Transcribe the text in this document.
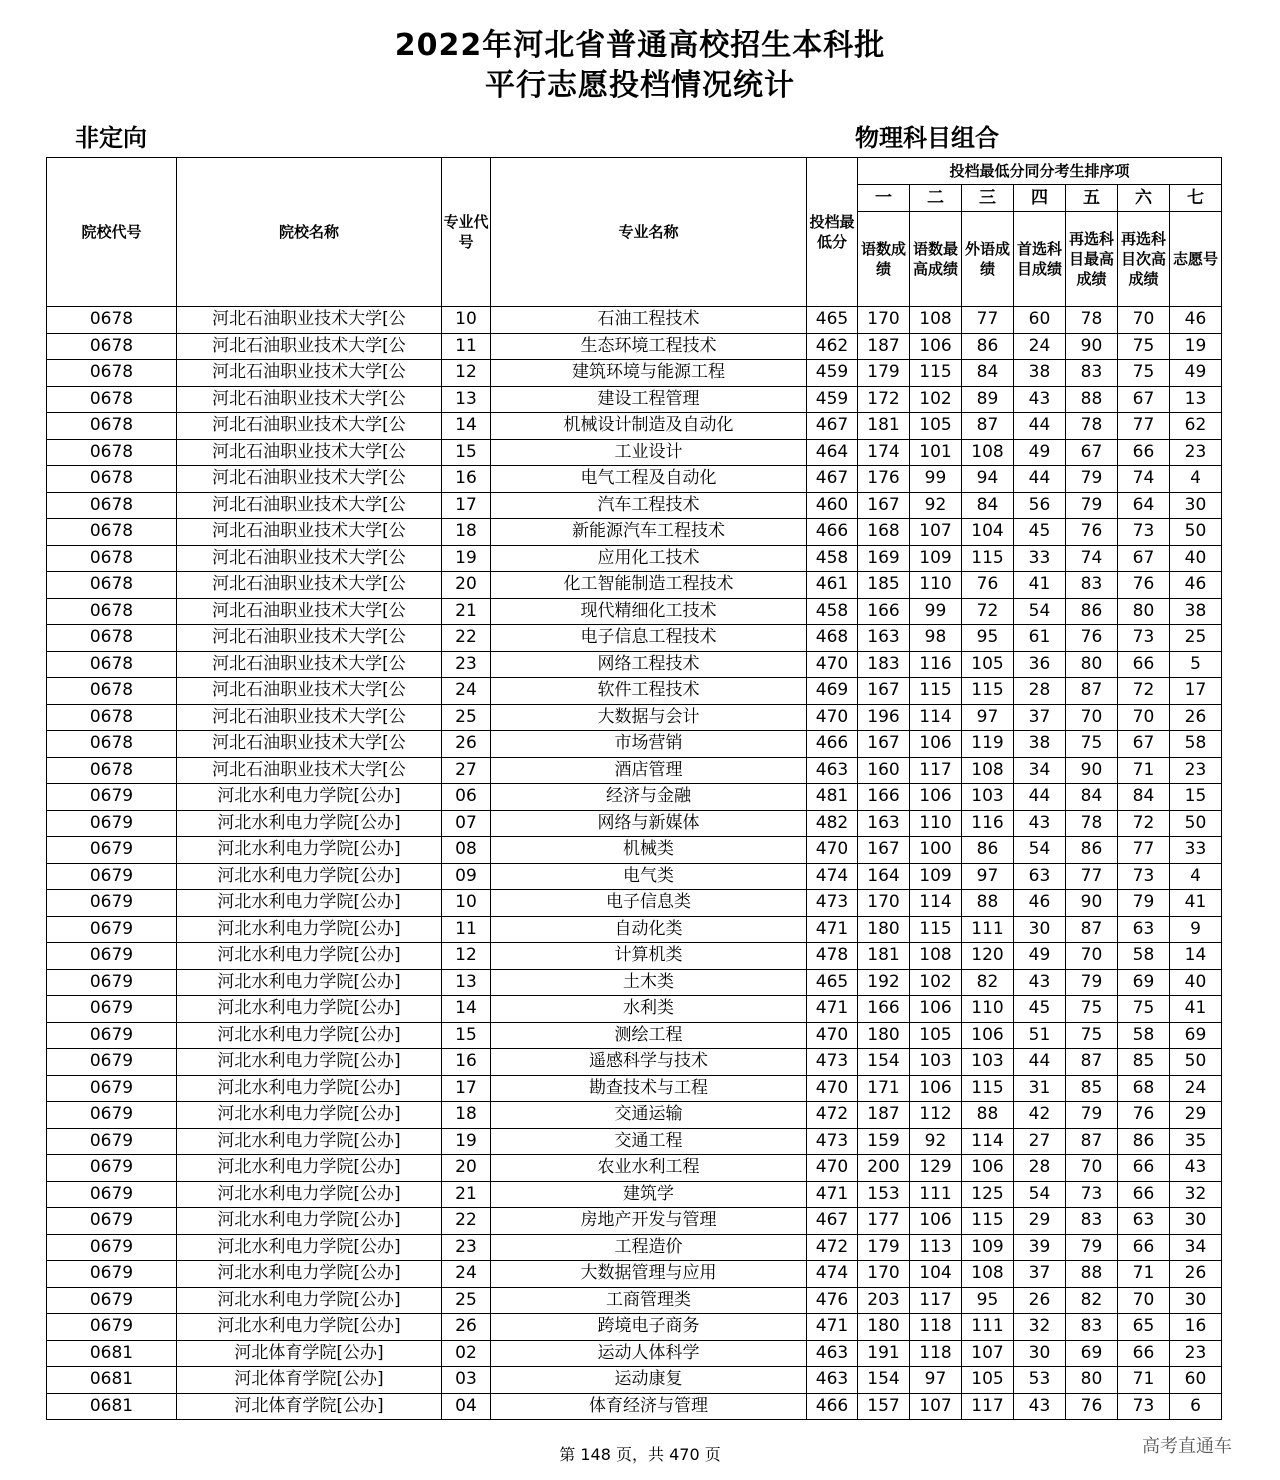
2022年河北省普通高校招生本科批
平行志愿投档情况统计
非定向	物理科目组合
院校代号	院校名称	专业代号	专业名称	投档最低分	投档最低分同分考生排序项						
					一	二	三	四	五	六	七
					语数成绩	语数最高成绩	外语成绩	首选科目成绩	再选科目最高成绩	再选科目次高成绩	志愿号
0678	河北石油职业技术大学[公	10	石油工程技术	465	170	108	77	60	78	70	46
0678	河北石油职业技术大学[公	11	生态环境工程技术	462	187	106	86	24	90	75	19
0678	河北石油职业技术大学[公	12	建筑环境与能源工程	459	179	115	84	38	83	75	49
0678	河北石油职业技术大学[公	13	建设工程管理	459	172	102	89	43	88	67	13
0678	河北石油职业技术大学[公	14	机械设计制造及自动化	467	181	105	87	44	78	77	62
0678	河北石油职业技术大学[公	15	工业设计	464	174	101	108	49	67	66	23
0678	河北石油职业技术大学[公	16	电气工程及自动化	467	176	99	94	44	79	74	4
0678	河北石油职业技术大学[公	17	汽车工程技术	460	167	92	84	56	79	64	30
0678	河北石油职业技术大学[公	18	新能源汽车工程技术	466	168	107	104	45	76	73	50
0678	河北石油职业技术大学[公	19	应用化工技术	458	169	109	115	33	74	67	40
0678	河北石油职业技术大学[公	20	化工智能制造工程技术	461	185	110	76	41	83	76	46
0678	河北石油职业技术大学[公	21	现代精细化工技术	458	166	99	72	54	86	80	38
0678	河北石油职业技术大学[公	22	电子信息工程技术	468	163	98	95	61	76	73	25
0678	河北石油职业技术大学[公	23	网络工程技术	470	183	116	105	36	80	66	5
0678	河北石油职业技术大学[公	24	软件工程技术	469	167	115	115	28	87	72	17
0678	河北石油职业技术大学[公	25	大数据与会计	470	196	114	97	37	70	70	26
0678	河北石油职业技术大学[公	26	市场营销	466	167	106	119	38	75	67	58
0678	河北石油职业技术大学[公	27	酒店管理	463	160	117	108	34	90	71	23
0679	河北水利电力学院[公办]	06	经济与金融	481	166	106	103	44	84	84	15
0679	河北水利电力学院[公办]	07	网络与新媒体	482	163	110	116	43	78	72	50
0679	河北水利电力学院[公办]	08	机械类	470	167	100	86	54	86	77	33
0679	河北水利电力学院[公办]	09	电气类	474	164	109	97	63	77	73	4
0679	河北水利电力学院[公办]	10	电子信息类	473	170	114	88	46	90	79	41
0679	河北水利电力学院[公办]	11	自动化类	471	180	115	111	30	87	63	9
0679	河北水利电力学院[公办]	12	计算机类	478	181	108	120	49	70	58	14
0679	河北水利电力学院[公办]	13	土木类	465	192	102	82	43	79	69	40
0679	河北水利电力学院[公办]	14	水利类	471	166	106	110	45	75	75	41
0679	河北水利电力学院[公办]	15	测绘工程	470	180	105	106	51	75	58	69
0679	河北水利电力学院[公办]	16	遥感科学与技术	473	154	103	103	44	87	85	50
0679	河北水利电力学院[公办]	17	勘查技术与工程	470	171	106	115	31	85	68	24
0679	河北水利电力学院[公办]	18	交通运输	472	187	112	88	42	79	76	29
0679	河北水利电力学院[公办]	19	交通工程	473	159	92	114	27	87	86	35
0679	河北水利电力学院[公办]	20	农业水利工程	470	200	129	106	28	70	66	43
0679	河北水利电力学院[公办]	21	建筑学	471	153	111	125	54	73	66	32
0679	河北水利电力学院[公办]	22	房地产开发与管理	467	177	106	115	29	83	63	30
0679	河北水利电力学院[公办]	23	工程造价	472	179	113	109	39	79	66	34
0679	河北水利电力学院[公办]	24	大数据管理与应用	474	170	104	108	37	88	71	26
0679	河北水利电力学院[公办]	25	工商管理类	476	203	117	95	26	82	70	30
0679	河北水利电力学院[公办]	26	跨境电子商务	471	180	118	111	32	83	65	16
0681	河北体育学院[公办]	02	运动人体科学	463	191	118	107	30	69	66	23
0681	河北体育学院[公办]	03	运动康复	463	154	97	105	53	80	71	60
0681	河北体育学院[公办]	04	体育经济与管理	466	157	107	117	43	76	73	6
第 148 页，共 470 页	高考直通车
